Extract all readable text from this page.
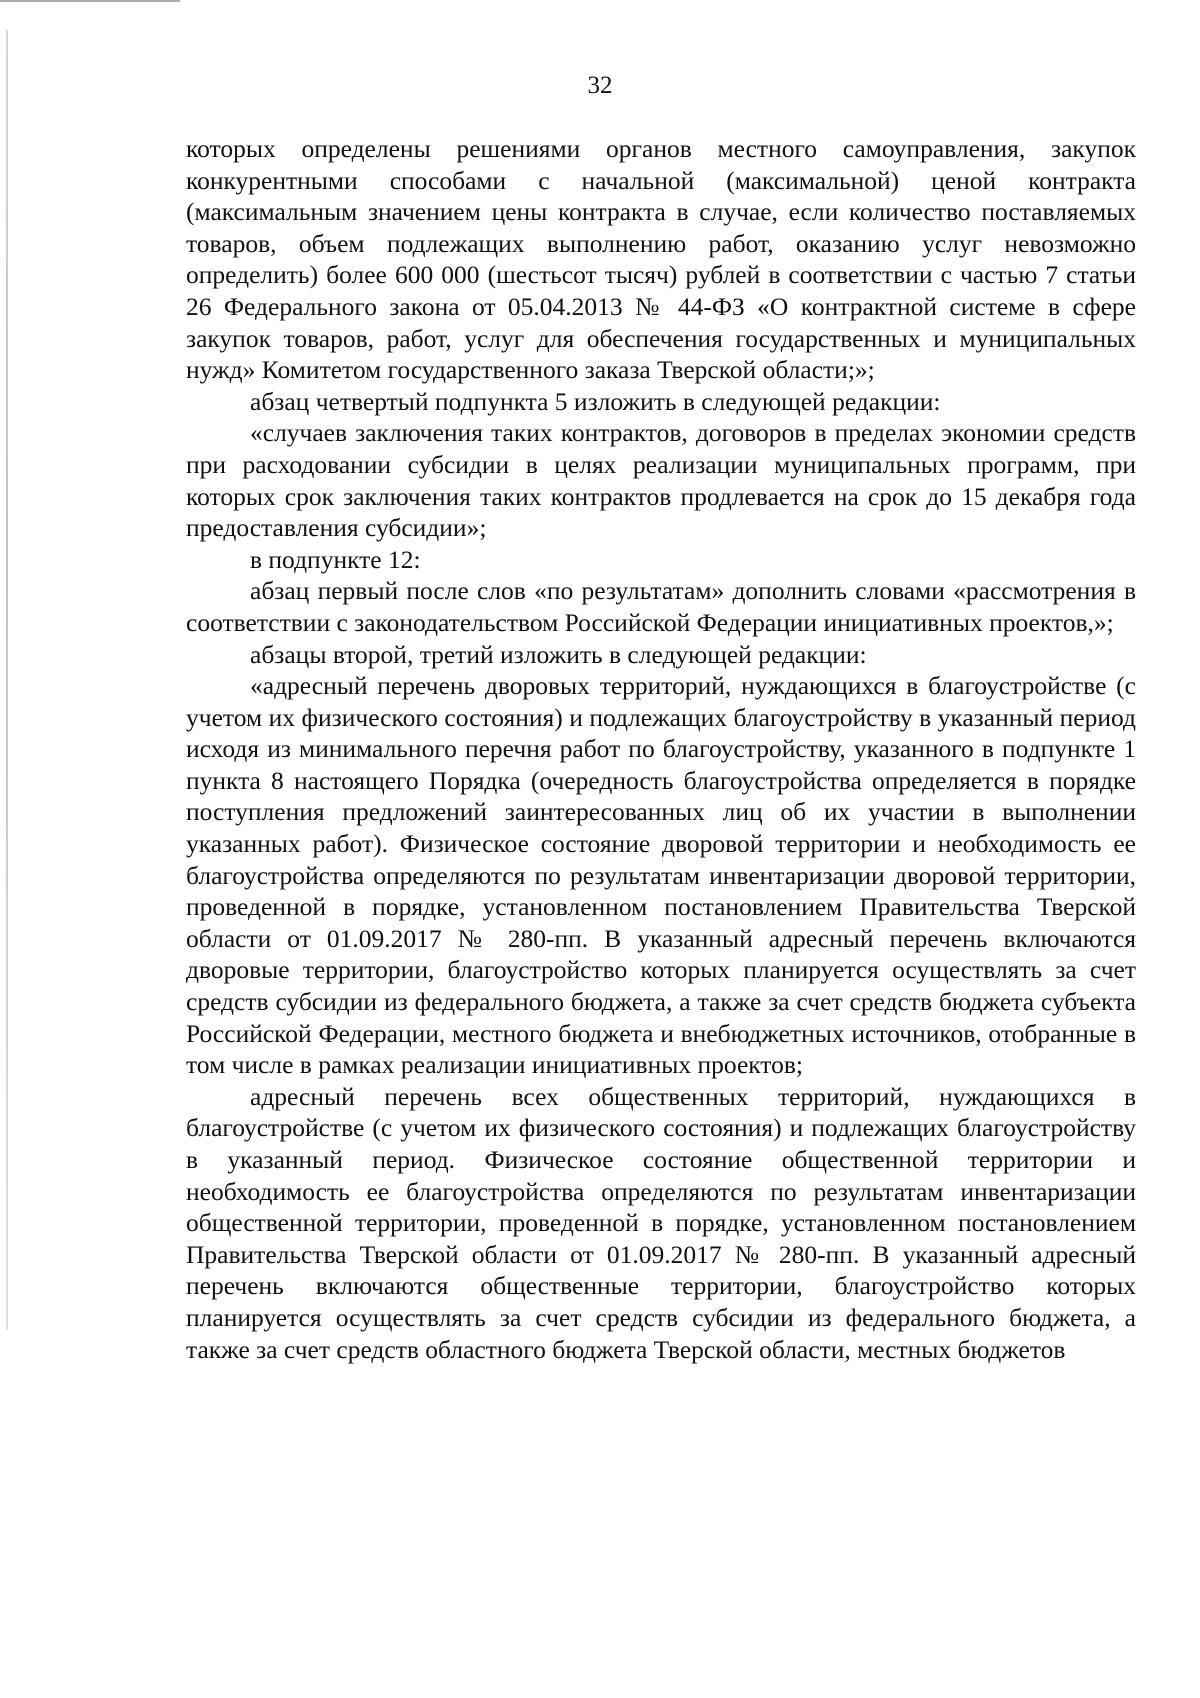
32

которых определены решениями органов местного самоуправления, закупок конкурентными способами с начальной (максимальной) ценой контракта (максимальным значением цены контракта в случае, если количество поставляемых товаров, объем подлежащих выполнению работ, оказанию услуг невозможно определить) более 600 000 (шестьсот тысяч) рублей в соответствии с частью 7 статьи 26 Федерального закона от 05.04.2013 № 44-ФЗ «О контрактной системе в сфере закупок товаров, работ, услуг для обеспечения государственных и муниципальных нужд» Комитетом государственного заказа Тверской области;»;

абзац четвертый подпункта 5 изложить в следующей редакции:

«случаев заключения таких контрактов, договоров в пределах экономии средств при расходовании субсидии в целях реализации муниципальных программ, при которых срок заключения таких контрактов продлевается на срок до 15 декабря года предоставления субсидии»;

в подпункте 12:

абзац первый после слов «по результатам» дополнить словами «рассмотрения в соответствии с законодательством Российской Федерации инициативных проектов,»;

абзацы второй, третий изложить в следующей редакции:

«адресный перечень дворовых территорий, нуждающихся в благоустройстве (с учетом их физического состояния) и подлежащих благоустройству в указанный период исходя из минимального перечня работ по благоустройству, указанного в подпункте 1 пункта 8 настоящего Порядка (очередность благоустройства определяется в порядке поступления предложений заинтересованных лиц об их участии в выполнении указанных работ). Физическое состояние дворовой территории и необходимость ее благоустройства определяются по результатам инвентаризации дворовой территории, проведенной в порядке, установленном постановлением Правительства Тверской области от 01.09.2017 № 280-пп. В указанный адресный перечень включаются дворовые территории, благоустройство которых планируется осуществлять за счет средств субсидии из федерального бюджета, а также за счет средств бюджета субъекта Российской Федерации, местного бюджета и внебюджетных источников, отобранные в том числе в рамках реализации инициативных проектов;

адресный перечень всех общественных территорий, нуждающихся в благоустройстве (с учетом их физического состояния) и подлежащих благоустройству в указанный период. Физическое состояние общественной территории и необходимость ее благоустройства определяются по результатам инвентаризации общественной территории, проведенной в порядке, установленном постановлением Правительства Тверской области от 01.09.2017 № 280-пп. В указанный адресный перечень включаются общественные территории, благоустройство которых планируется осуществлять за счет средств субсидии из федерального бюджета, а также за счет средств областного бюджета Тверской области, местных бюджетов
